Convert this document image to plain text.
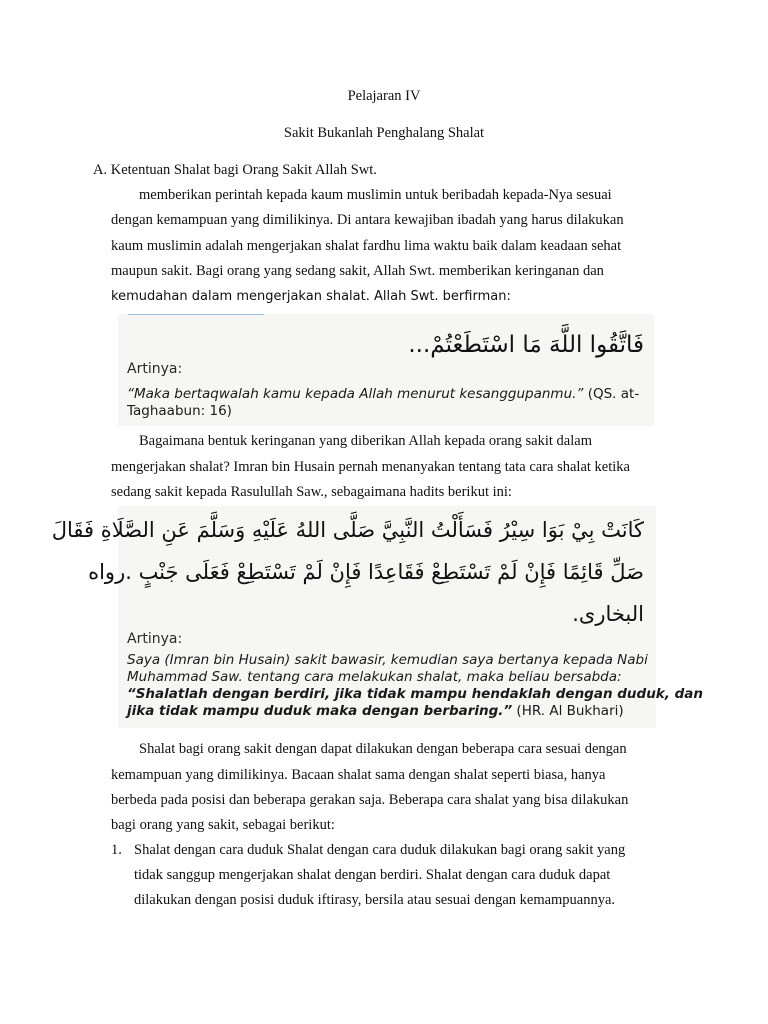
Pelajaran IV
Sakit Bukanlah Penghalang Shalat
A. Ketentuan Shalat bagi Orang Sakit Allah Swt.
memberikan perintah kepada kaum muslimin untuk beribadah kepada-Nya sesuai
dengan kemampuan yang dimilikinya. Di antara kewajiban ibadah yang harus dilakukan
kaum muslimin adalah mengerjakan shalat fardhu lima waktu baik dalam keadaan sehat
maupun sakit. Bagi orang yang sedang sakit, Allah Swt. memberikan keringanan dan
kemudahan dalam mengerjakan shalat. Allah Swt. berfirman:
فَاتَّقُوا اللَّهَ مَا اسْتَطَعْتُمْ...
Artinya:
“Maka bertaqwalah kamu kepada Allah menurut kesanggupanmu.” (QS. at-
Taghaabun: 16)
Bagaimana bentuk keringanan yang diberikan Allah kepada orang sakit dalam
mengerjakan shalat? Imran bin Husain pernah menanyakan tentang tata cara shalat ketika
sedang sakit kepada Rasulullah Saw., sebagaimana hadits berikut ini:
كَانَتْ بِيْ بَوَا سِيْرُ فَسَأَلْتُ النَّبِيَّ صَلَّى اللهُ عَلَيْهِ وَسَلَّمَ عَنِ الصَّلَاةِ فَقَالَ
صَلِّ قَائِمًا فَإِنْ لَمْ تَسْتَطِعْ فَقَاعِدًا فَإِنْ لَمْ تَسْتَطِعْ فَعَلَى جَنْبٍ .رواه
البخارى.
Artinya:
Saya (Imran bin Husain) sakit bawasir, kemudian saya bertanya kepada Nabi
Muhammad Saw. tentang cara melakukan shalat, maka beliau bersabda:
“Shalatlah dengan berdiri, jika tidak mampu hendaklah dengan duduk, dan
jika tidak mampu duduk maka dengan berbaring.” (HR. Al Bukhari)
Shalat bagi orang sakit dengan dapat dilakukan dengan beberapa cara sesuai dengan
kemampuan yang dimilikinya. Bacaan shalat sama dengan shalat seperti biasa, hanya
berbeda pada posisi dan beberapa gerakan saja. Beberapa cara shalat yang bisa dilakukan
bagi orang yang sakit, sebagai berikut:
1. Shalat dengan cara duduk Shalat dengan cara duduk dilakukan bagi orang sakit yang
tidak sanggup mengerjakan shalat dengan berdiri. Shalat dengan cara duduk dapat
dilakukan dengan posisi duduk iftirasy, bersila atau sesuai dengan kemampuannya.
